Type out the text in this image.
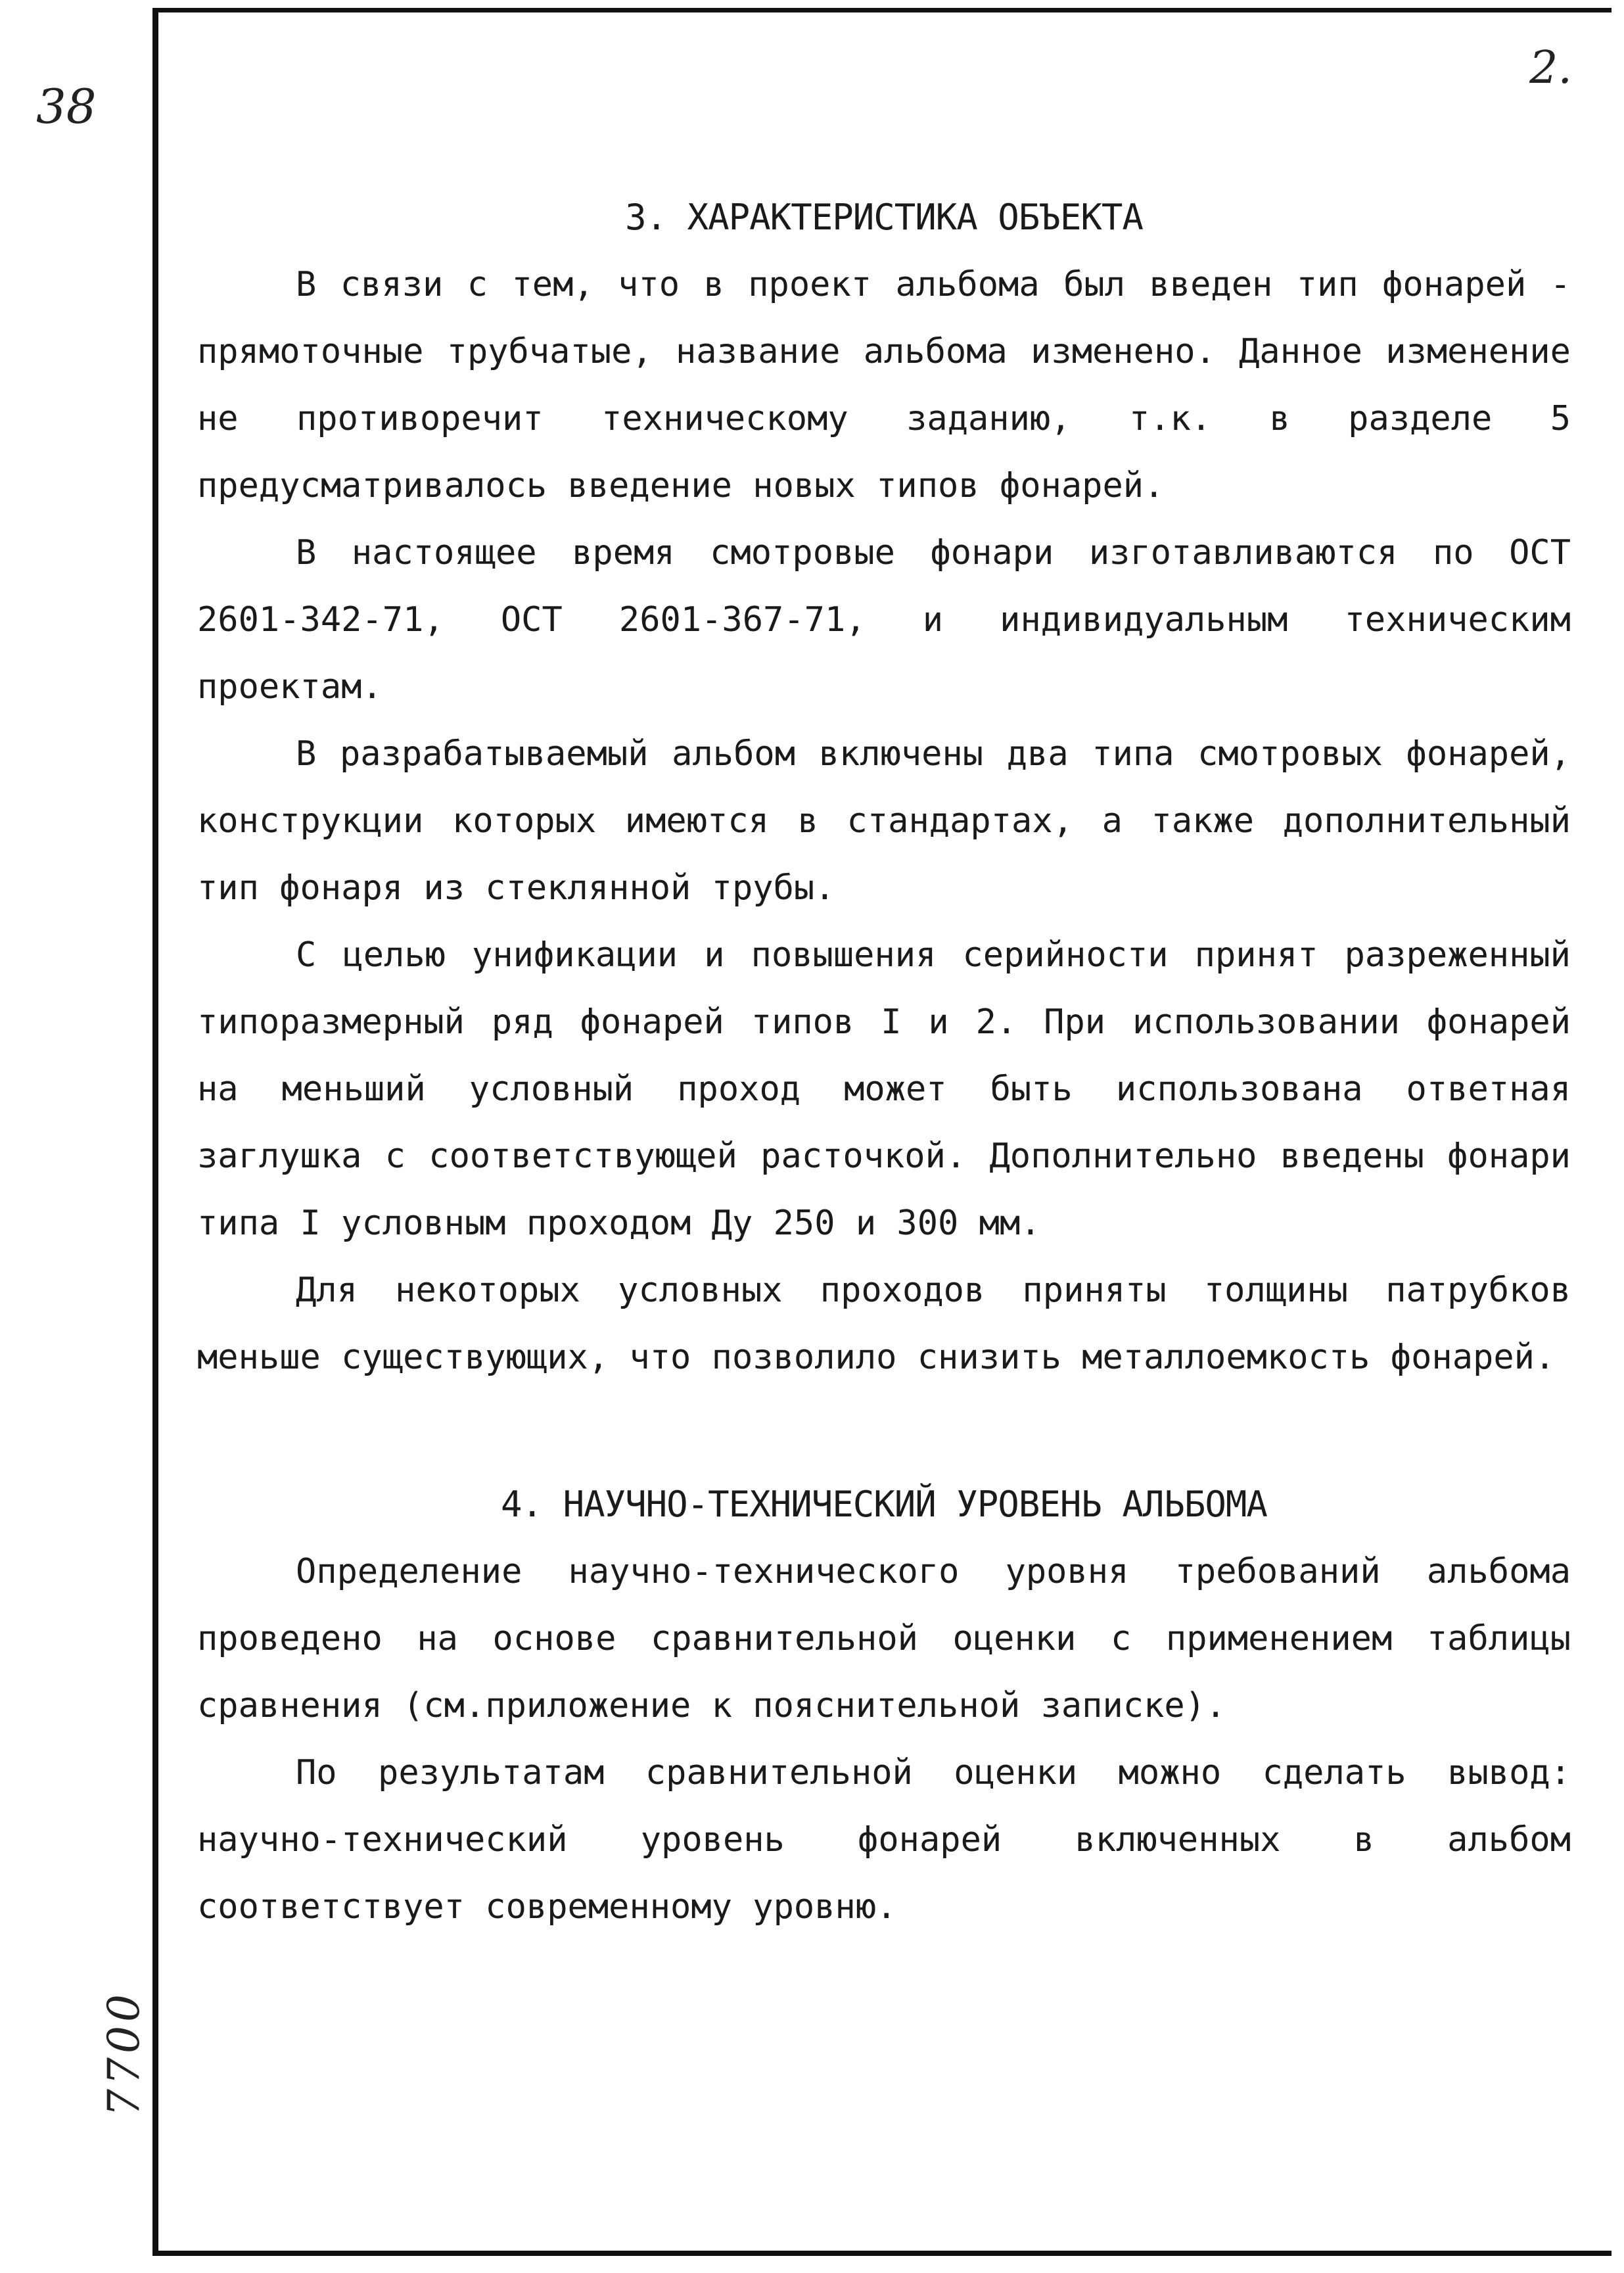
38
7700
2.
3. ХАРАКТЕРИСТИКА ОБЪЕКТА

В связи с тем, что в проект альбома был введен тип фонарей - прямоточные трубчатые, название альбома изменено. Данное изменение не противоречит техническому заданию, т.к. в разделе 5 предусматривалось введение новых типов фонарей.

В настоящее время смотровые фонари изготавливаются по ОСТ 2601-342-71, ОСТ 2601-367-71, и индивидуальным техническим проектам.

В разрабатываемый альбом включены два типа смотровых фонарей, конструкции которых имеются в стандартах, а также дополнительный тип фонаря из стеклянной трубы.

С целью унификации и повышения серийности принят разреженный типоразмерный ряд фонарей типов I и 2. При использовании фонарей на меньший условный проход может быть использована ответная заглушка с соответствующей расточкой. Дополнительно введены фонари типа I условным проходом Ду 250 и 300 мм.

Для некоторых условных проходов приняты толщины патрубков меньше существующих, что позволило снизить металлоемкость фонарей.

4. НАУЧНО-ТЕХНИЧЕСКИЙ УРОВЕНЬ АЛЬБОМА

Определение научно-технического уровня требований альбома проведено на основе сравнительной оценки с применением таблицы сравнения (см.приложение к пояснительной записке).

По результатам сравнительной оценки можно сделать вывод: научно-технический уровень фонарей включенных в альбом соответствует современному уровню.
